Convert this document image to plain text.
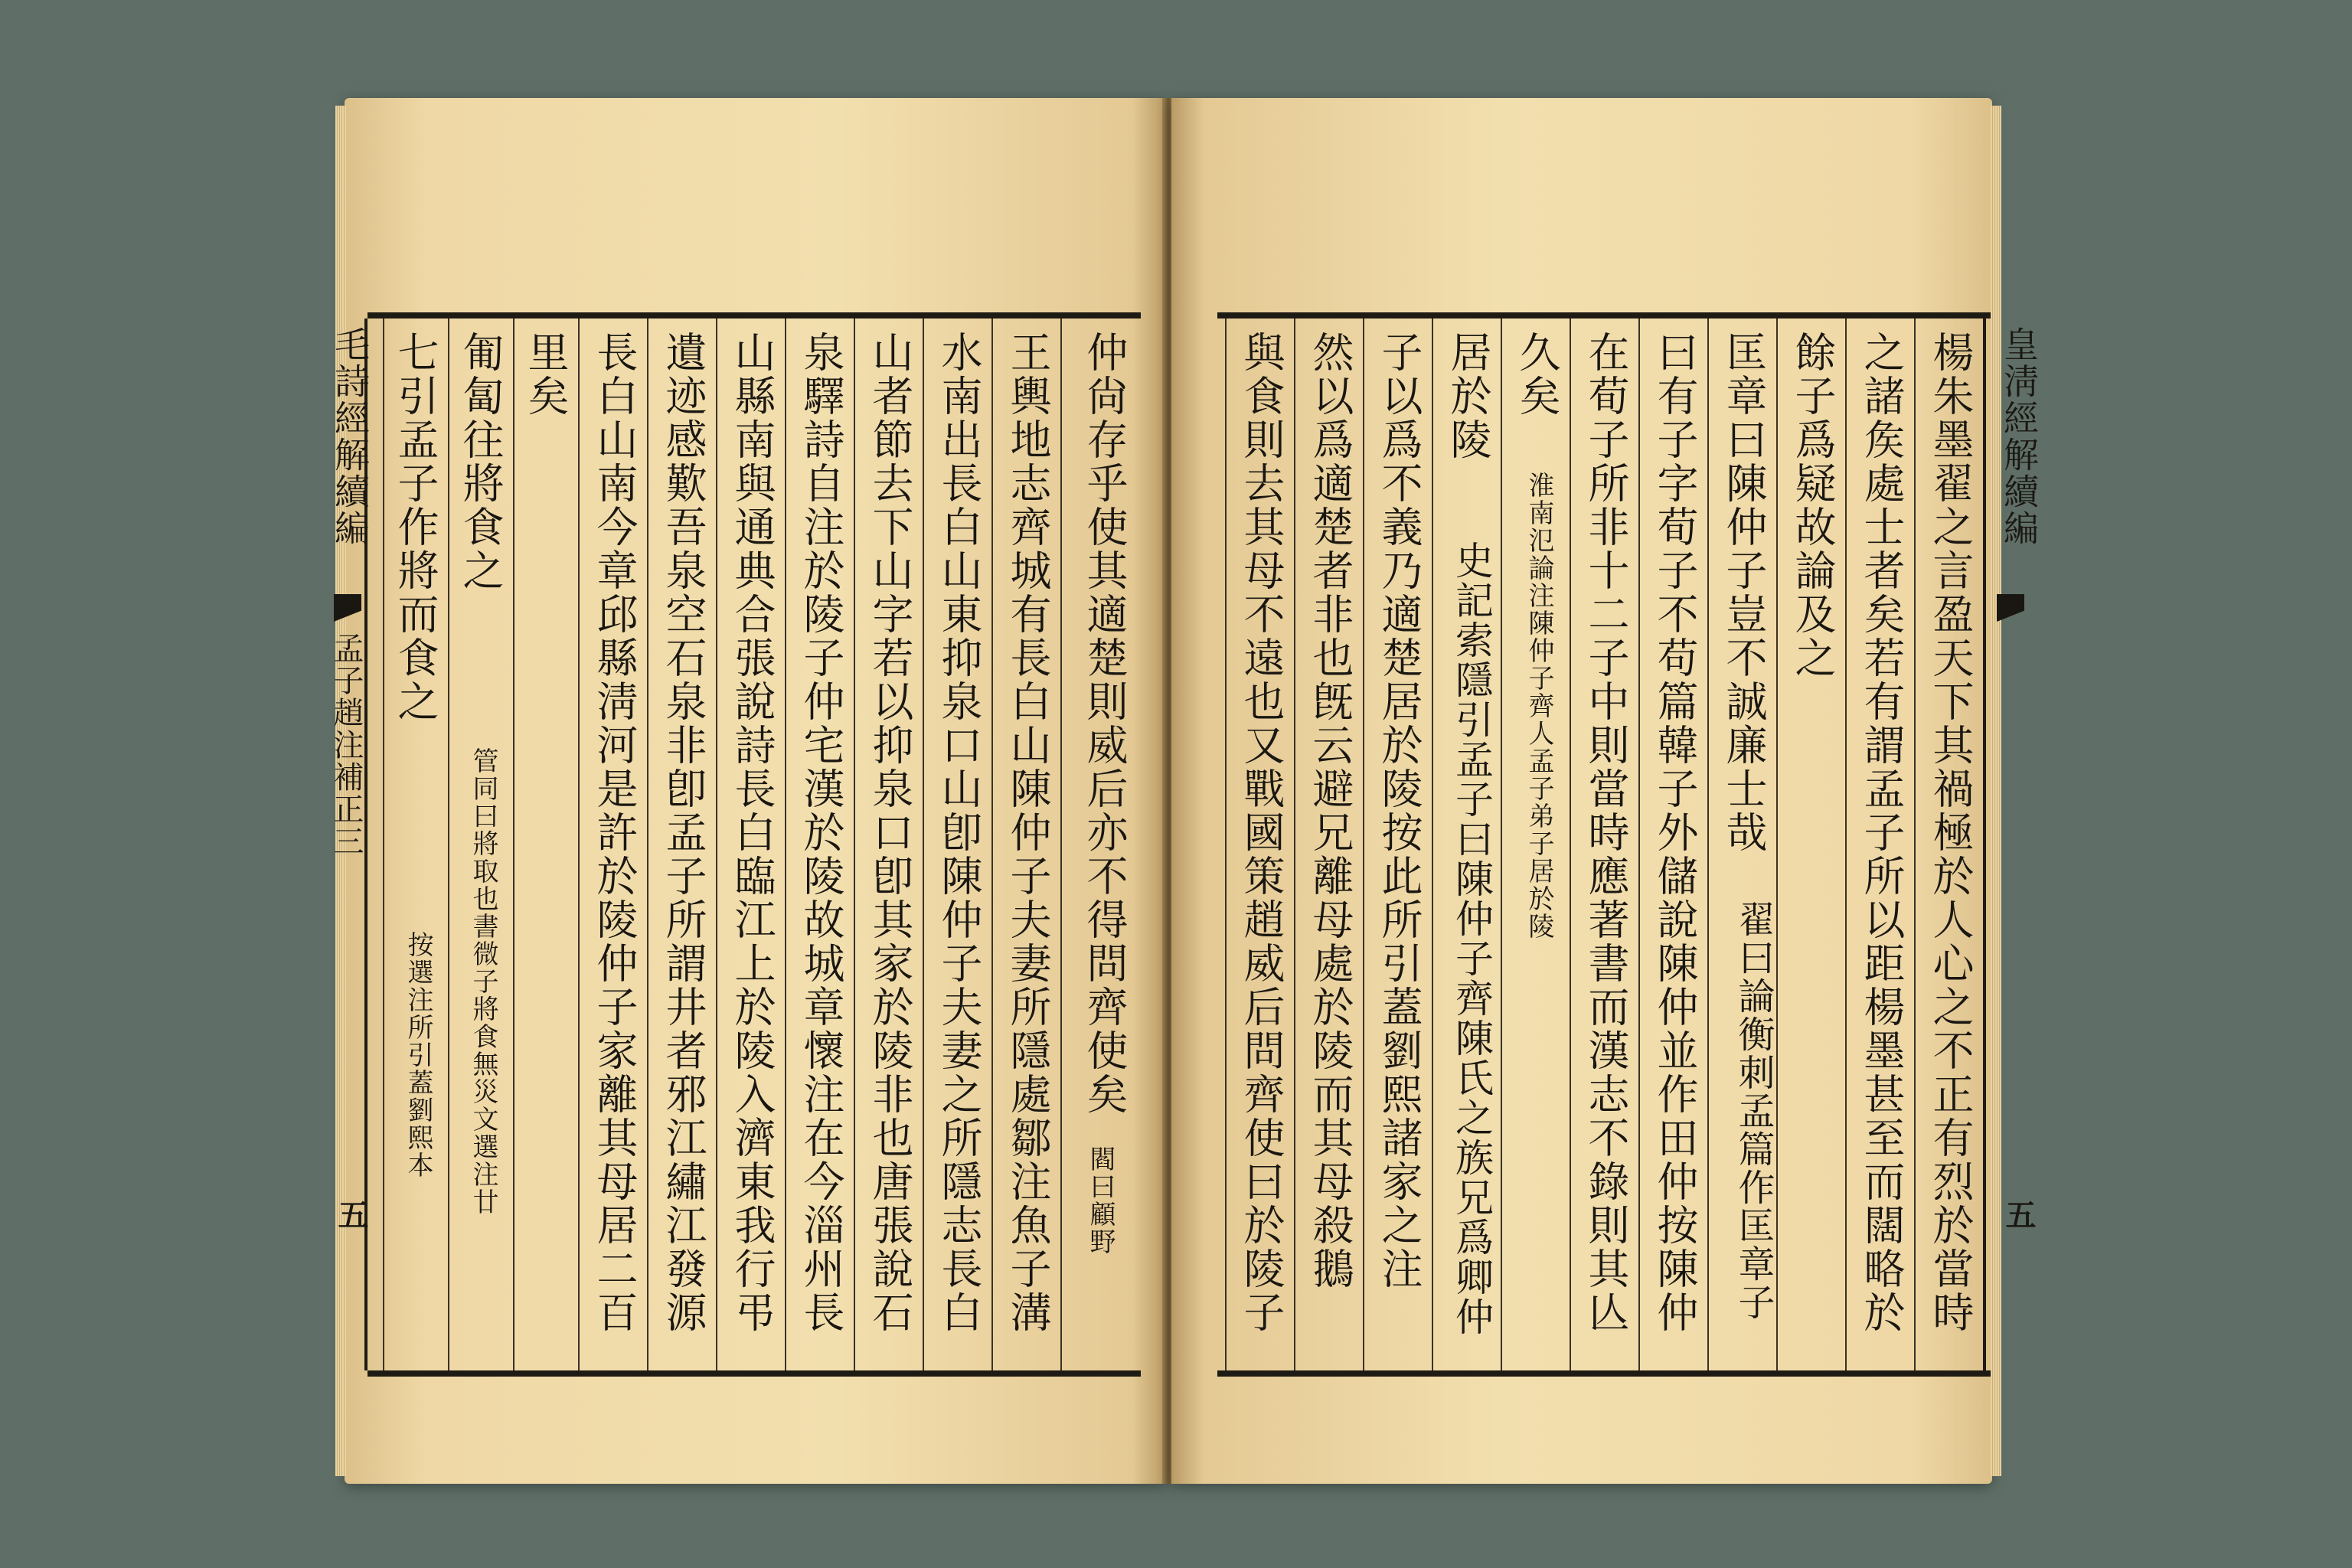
仲尙存乎使其適楚則威后亦不得問齊使矣
閻曰顧野
王輿地志齊城有長白山陳仲子夫妻所隱處鄒注魚子溝
水南出長白山東抑泉口山卽陳仲子夫妻之所隱志長白
山者節去下山字若以抑泉口卽其家於陵非也唐張說石
泉驛詩自注於陵子仲宅漢於陵故城章懷注在今淄州長
山縣南與通典合張說詩長白臨江上於陵入濟東我行弔
遺迹感歎吾泉空石泉非卽孟子所謂井者邪江繡江發源
長白山南今章邱縣淸河是許於陵仲子家離其母居二百
里矣
匍匐往將食之
管同曰將取也書微子將食無災文選注廿
七引孟子作將而食之
按選注所引蓋劉熙本
毛詩經解續編
孟子趙注補正三
五
皇淸經解續編
五
楊朱墨翟之言盈天下其禍極於人心之不正有烈於當時
之諸矦處士者矣若有謂孟子所以距楊墨甚至而闊略於
餘子爲疑故論及之
匡章曰陳仲子豈不誠廉士哉
翟曰論衡刺孟篇作匡章子
曰有子字荀子不苟篇韓子外儲說陳仲並作田仲按陳仲
在荀子所非十二子中則當時應著書而漢志不錄則其亾
久矣
淮南氾論注陳仲子齊人孟子弟子居於陵
居於陵
史記索隱引孟子曰陳仲子齊陳氏之族兄爲卿仲
子以爲不義乃適楚居於陵按此所引蓋劉熙諸家之注
然以爲適楚者非也旣云避兄離母處於陵而其母殺鵝
與食則去其母不遠也又戰國策趙威后問齊使曰於陵子
